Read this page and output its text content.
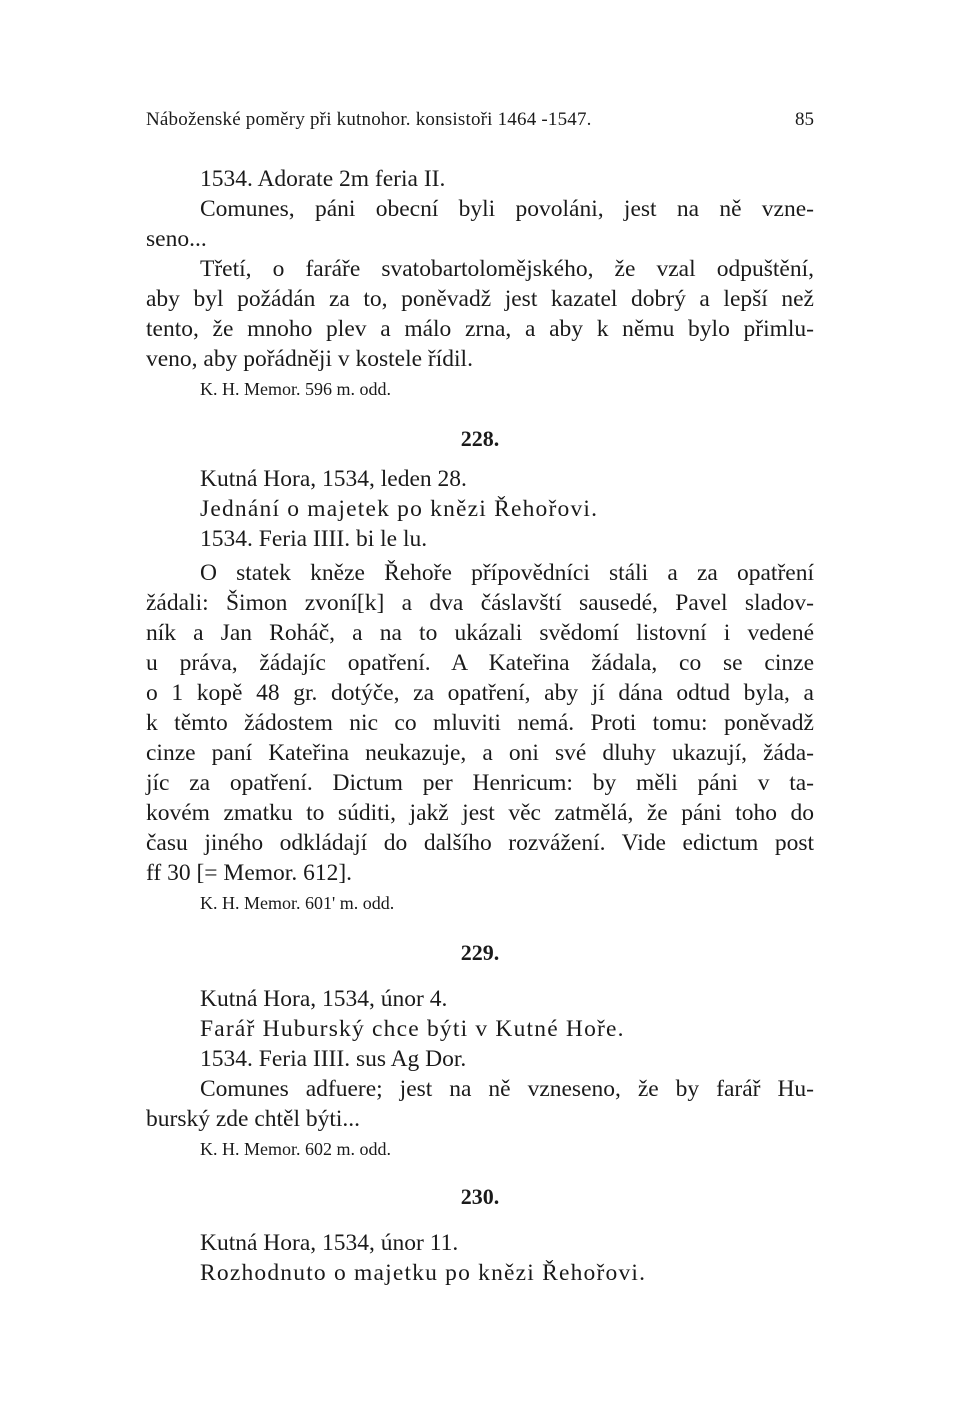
Náboženské poměry při kutnohor. konsistoři 1464 -1547.	85
1534. Adorate 2m feria II.
Comunes, páni obecní byli povoláni, jest na ně vzne-
seno...
Třetí, o faráře svatobartolomějského, že vzal odpuštění,
aby byl požádán za to, poněvadž jest kazatel dobrý a lepší než
tento, že mnoho plev a málo zrna, a aby k němu bylo přimlu-
veno, aby pořádněji v kostele řídil.
K. H. Memor. 596 m. odd.
228.
Kutná Hora, 1534, leden 28.
Jednání o majetek po knězi Řehořovi.
1534. Feria IIII. bi le lu.
O statek kněze Řehoře přípovědníci stáli a za opatření
žádali: Šimon zvoní[k] a dva čáslavští sausedé, Pavel sladov-
ník a Jan Roháč, a na to ukázali svědomí listovní i vedené
u práva, žádajíc opatření. A Kateřina žádala, co se cinze
o 1 kopě 48 gr. dotýče, za opatření, aby jí dána odtud byla, a
k těmto žádostem nic co mluviti nemá. Proti tomu: poněvadž
cinze paní Kateřina neukazuje, a oni své dluhy ukazují, žáda-
jíc za opatření. Dictum per Henricum: by měli páni v ta-
kovém zmatku to súditi, jakž jest věc zatmělá, že páni toho do
času jiného odkládají do dalšího rozvážení. Vide edictum post
ff 30 [= Memor. 612].
K. H. Memor. 601' m. odd.
229.
Kutná Hora, 1534, únor 4.
Farář Huburský chce býti v Kutné Hoře.
1534. Feria IIII. sus Ag Dor.
Comunes adfuere; jest na ně vzneseno, že by farář Hu-
burský zde chtěl býti...
K. H. Memor. 602 m. odd.
230.
Kutná Hora, 1534, únor 11.
Rozhodnuto o majetku po knězi Řehořovi.
